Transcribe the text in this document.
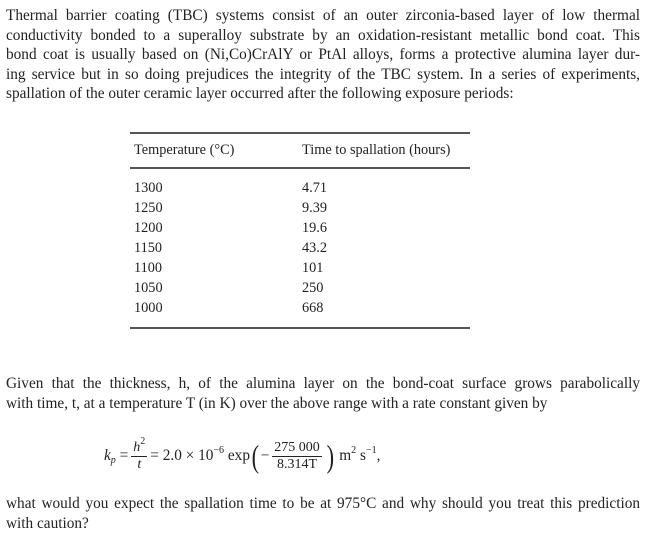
Thermal barrier coating (TBC) systems consist of an outer zirconia-based layer of low thermal
conductivity bonded to a superalloy substrate by an oxidation-resistant metallic bond coat. This
bond coat is usually based on (Ni,Co)CrAlY or PtAl alloys, forms a protective alumina layer dur-
ing service but in so doing prejudices the integrity of the TBC system. In a series of experiments,
spallation of the outer ceramic layer occurred after the following exposure periods:
Temperature (°C)	Time to spallation (hours)
1300	4.71
1250	9.39
1200	19.6
1150	43.2
1100	101
1050	250
1000	668
Given that the thickness, h, of the alumina layer on the bond-coat surface grows parabolically
with time, t, at a temperature T (in K) over the above range with a rate constant given by
$k_p$
= $\frac{h^2}{t} = 2.0 \times 10^{-6}$
exp ( − $\frac{275 000}{8.314T}$ )
$m^2$ $s^{-1}$,
what would you expect the spallation time to be at 975°C and why should you treat this prediction
with caution?
